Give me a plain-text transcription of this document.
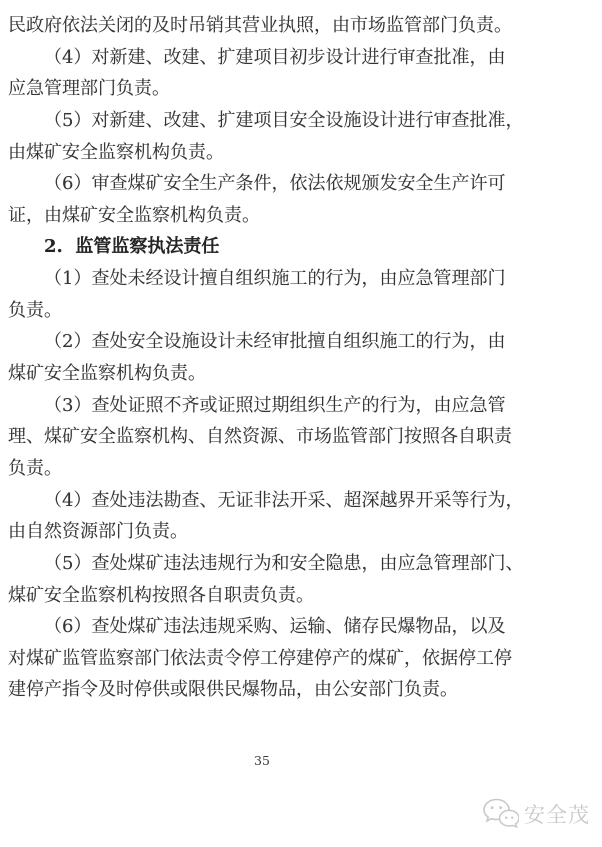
民政府依法关闭的及时吊销其营业执照，由市场监管部门负责。
（4）对新建、改建、扩建项目初步设计进行审查批准，由
应急管理部门负责。
（5）对新建、改建、扩建项目安全设施设计进行审查批准，
由煤矿安全监察机构负责。
（6）审查煤矿安全生产条件，依法依规颁发安全生产许可
证，由煤矿安全监察机构负责。
2.  监管监察执法责任
（1）查处未经设计擅自组织施工的行为，由应急管理部门
负责。
（2）查处安全设施设计未经审批擅自组织施工的行为，由
煤矿安全监察机构负责。
（3）查处证照不齐或证照过期组织生产的行为，由应急管
理、煤矿安全监察机构、自然资源、市场监管部门按照各自职责
负责。
（4）查处违法勘查、无证非法开采、超深越界开采等行为，
由自然资源部门负责。
（5）查处煤矿违法违规行为和安全隐患，由应急管理部门、
煤矿安全监察机构按照各自职责负责。
（6）查处煤矿违法违规采购、运输、储存民爆物品，以及
对煤矿监管监察部门依法责令停工停建停产的煤矿，依据停工停
建停产指令及时停供或限供民爆物品，由公安部门负责。
35
安全茂
